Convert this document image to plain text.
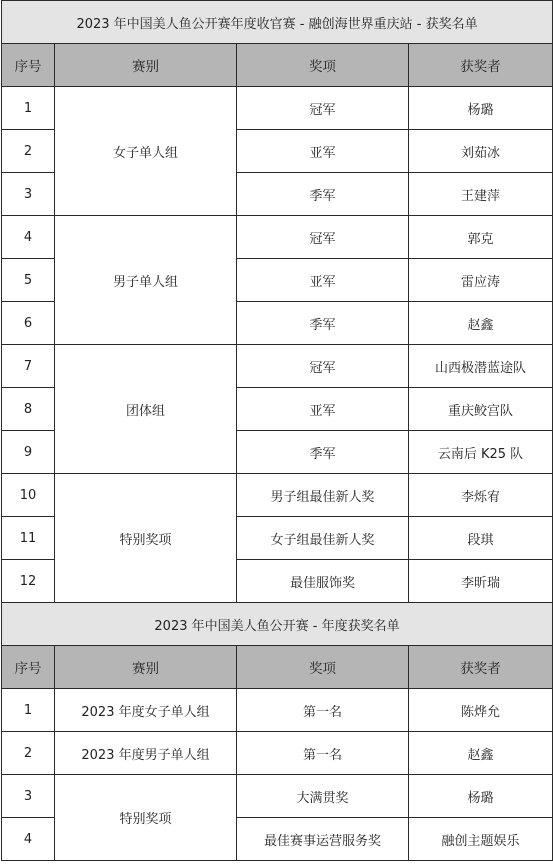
2023 年中国美人鱼公开赛年度收官赛 - 融创海世界重庆站 - 获奖名单			
序号	赛别	奖项	获奖者
1	女子单人组	冠军	杨璐
2		亚军	刘茹冰
3		季军	王建萍
4	男子单人组	冠军	郭克
5		亚军	雷应涛
6		季军	赵鑫
7	团体组	冠军	山西极潜蓝途队
8		亚军	重庆鲛宫队
9		季军	云南后 K25 队
10	特别奖项	男子组最佳新人奖	李烁宥
11		女子组最佳新人奖	段琪
12		最佳服饰奖	李昕瑞
2023 年中国美人鱼公开赛 - 年度获奖名单			
序号	赛别	奖项	获奖者
1	2023 年度女子单人组	第一名	陈烨允
2	2023 年度男子单人组	第一名	赵鑫
3	特别奖项	大满贯奖	杨璐
4		最佳赛事运营服务奖	融创主题娱乐
